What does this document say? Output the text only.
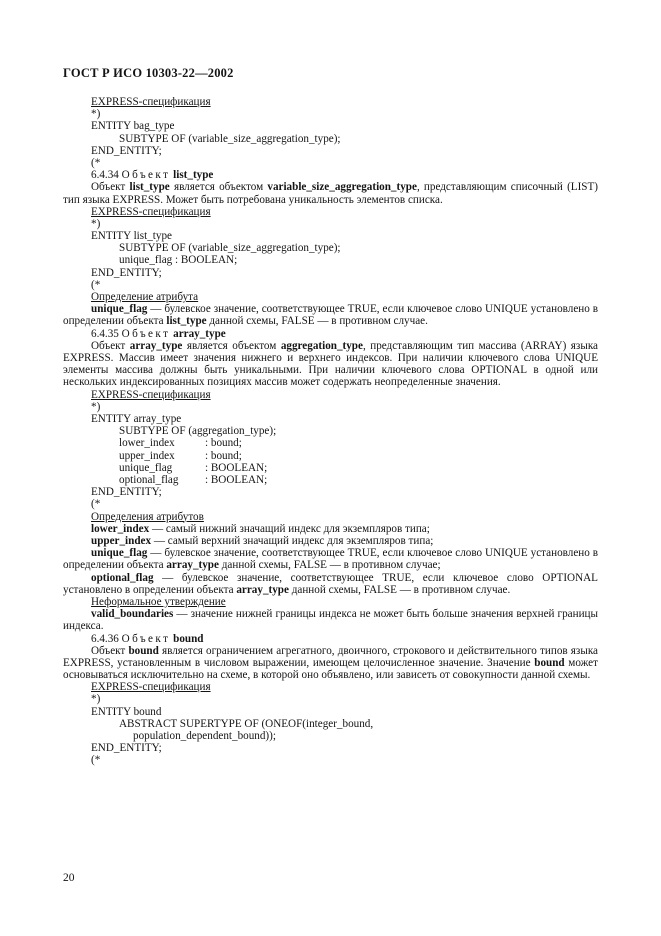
ГОСТ Р ИСО 10303-22—2002
EXPRESS-спецификация
*)
ENTITY bag_type
SUBTYPE OF (variable_size_aggregation_type);
END_ENTITY;
(*
6.4.34 Объект list_type
Объект list_type является объектом variable_size_aggregation_type, представляющим списочный (LIST) тип языка EXPRESS. Может быть потребована уникальность элементов списка.
EXPRESS-спецификация
*)
ENTITY list_type
SUBTYPE OF (variable_size_aggregation_type);
unique_flag : BOOLEAN;
END_ENTITY;
(*
Определение атрибута
unique_flag — булевское значение, соответствующее TRUE, если ключевое слово UNIQUE установлено в определении объекта list_type данной схемы, FALSE — в противном случае.
6.4.35 Объект array_type
Объект array_type является объектом aggregation_type, представляющим тип массива (ARRAY) языка EXPRESS. Массив имеет значения нижнего и верхнего индексов. При наличии ключевого слова UNIQUE элементы массива должны быть уникальными. При наличии ключевого слова OPTIONAL в одной или нескольких индексированных позициях массив может содержать неопределенные значения.
EXPRESS-спецификация
*)
ENTITY array_type
SUBTYPE OF (aggregation_type);
lower_index	: bound;
upper_index	: bound;
unique_flag	: BOOLEAN;
optional_flag : BOOLEAN;
END_ENTITY;
(*
Определения атрибутов
lower_index — самый нижний значащий индекс для экземпляров типа;
upper_index — самый верхний значащий индекс для экземпляров типа;
unique_flag — булевское значение, соответствующее TRUE, если ключевое слово UNIQUE установлено в определении объекта array_type данной схемы, FALSE — в противном случае;
optional_flag — булевское значение, соответствующее TRUE, если ключевое слово OPTIONAL установлено в определении объекта array_type данной схемы, FALSE — в противном случае.
Неформальное утверждение
valid_boundaries — значение нижней границы индекса не может быть больше значения верхней границы индекса.
6.4.36 Объект bound
Объект bound является ограничением агрегатного, двоичного, строкового и действительного типов языка EXPRESS, установленным в числовом выражении, имеющем целочисленное значение. Значение bound может основываться исключительно на схеме, в которой оно объявлено, или зависеть от совокупности данной схемы.
EXPRESS-спецификация
*)
ENTITY bound
ABSTRACT SUPERTYPE OF (ONEOF(integer_bound,
population_dependent_bound));
END_ENTITY;
(*
20
